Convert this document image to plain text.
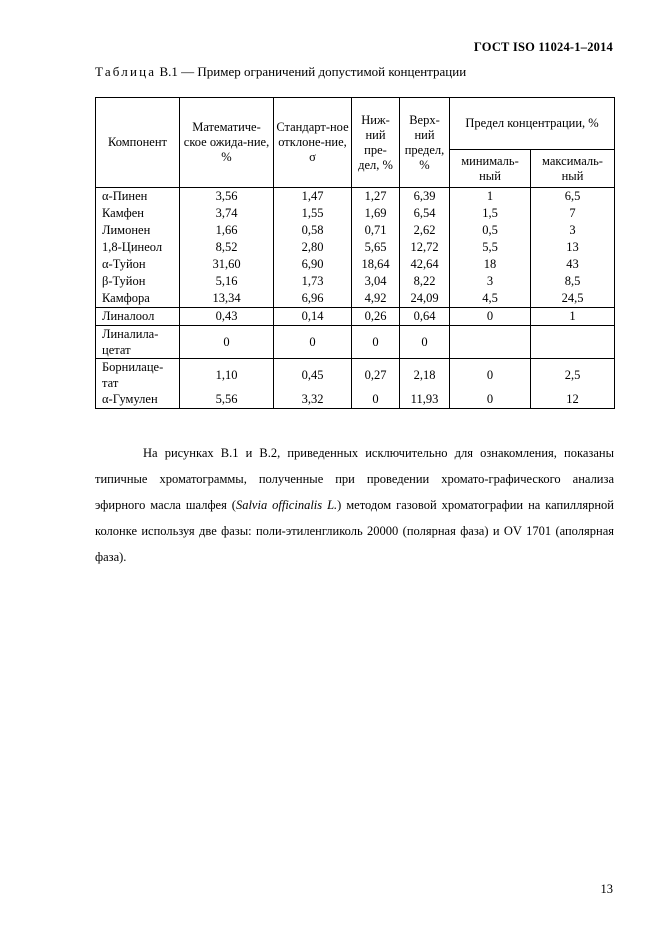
ГОСТ ISO 11024-1–2014
Таблица В.1 — Пример ограничений допустимой концентрации
Компонент	Математиче-ское ожида-ние, %	Стандарт-ное отклоне-ние, σ	Ниж-ний пре-дел, %	Верх-ний предел, %	Предел концентрации, %	
					минималь-ный	максималь-ный
α-Пинен	3,56	1,47	1,27	6,39	1	6,5
Камфен	3,74	1,55	1,69	6,54	1,5	7
Лимонен	1,66	0,58	0,71	2,62	0,5	3
1,8-Цинеол	8,52	2,80	5,65	12,72	5,5	13
α-Туйон	31,60	6,90	18,64	42,64	18	43
β-Туйон	5,16	1,73	3,04	8,22	3	8,5
Камфора	13,34	6,96	4,92	24,09	4,5	24,5
Линалоол	0,43	0,14	0,26	0,64	0	1
Линалила-цетат	0	0	0	0		
Борнилацe-тат	1,10	0,45	0,27	2,18	0	2,5
α-Гумулен	5,56	3,32	0	11,93	0	12
На рисунках В.1 и В.2, приведенных исключительно для ознакомления, показаны типичные хроматограммы, полученные при проведении хромато-графического анализа эфирного масла шалфея (Salvia officinalis L.) методом газовой хроматографии на капиллярной колонке используя две фазы: поли-этиленгликоль 20000 (полярная фаза) и OV 1701 (аполярная фаза).
13
